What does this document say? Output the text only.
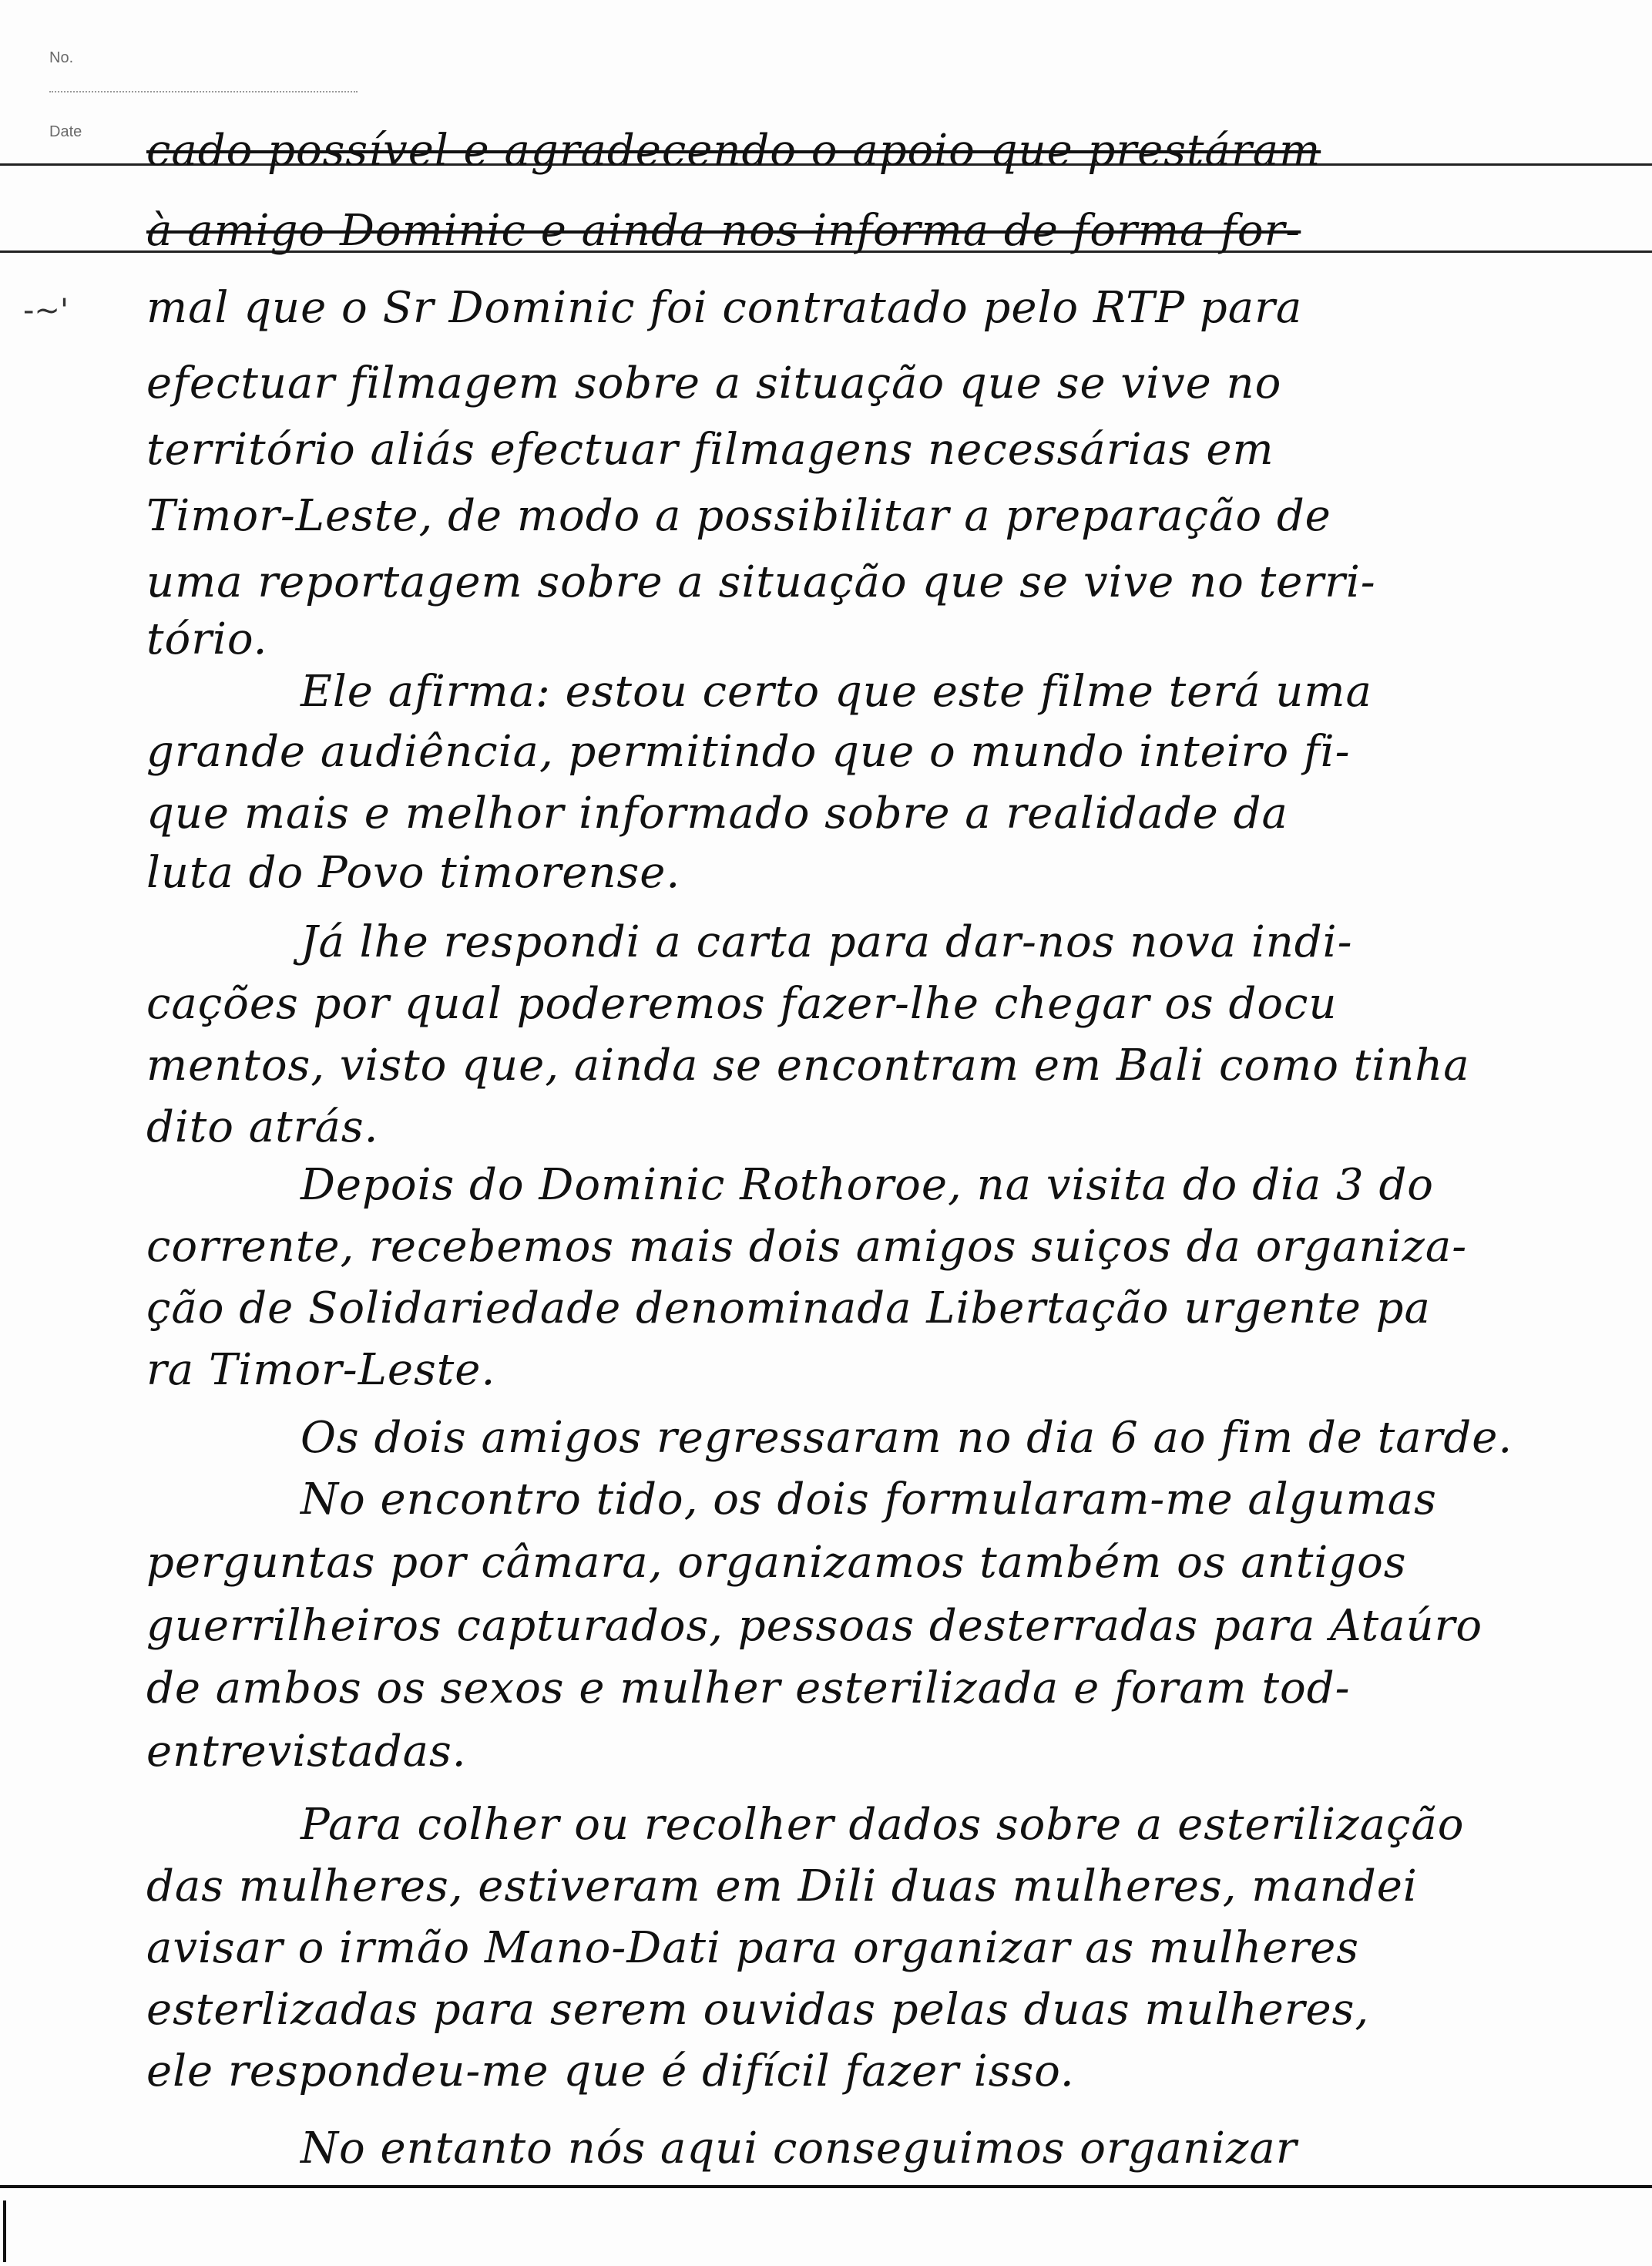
No.
Date
-~'
cado possível e agradecendo o apoio que prestáram
à amigo Dominic e ainda nos informa de forma for-
mal que o Sr Dominic foi contratado pelo RTP para
efectuar filmagem sobre a situação que se vive no
território aliás efectuar filmagens necessárias em
Timor-Leste, de modo a possibilitar a preparação de
uma reportagem sobre a situação que se vive no terri-
tório.
Ele afirma: estou certo que este filme terá uma
grande audiência, permitindo que o mundo inteiro fi-
que mais e melhor informado sobre a realidade da
luta do Povo timorense.
Já lhe respondi a carta para dar-nos nova indi-
cações por qual poderemos fazer-lhe chegar os docu
mentos, visto que, ainda se encontram em Bali como tinha
dito atrás.
Depois do Dominic Rothoroe, na visita do dia 3 do
corrente, recebemos mais dois amigos suiços da organiza-
ção de Solidariedade denominada Libertação urgente pa
ra Timor-Leste.
Os dois amigos regressaram no dia 6 ao fim de tarde.
No encontro tido, os dois formularam-me algumas
perguntas por câmara, organizamos também os antigos
guerrilheiros capturados, pessoas desterradas para Ataúro
de ambos os sexos e mulher esterilizada e foram tod-
entrevistadas.
Para colher ou recolher dados sobre a esterilização
das mulheres, estiveram em Dili duas mulheres, mandei
avisar o irmão Mano-Dati para organizar as mulheres
esterlizadas para serem ouvidas pelas duas mulheres,
ele respondeu-me que é difícil fazer isso.
No entanto nós aqui conseguimos organizar
